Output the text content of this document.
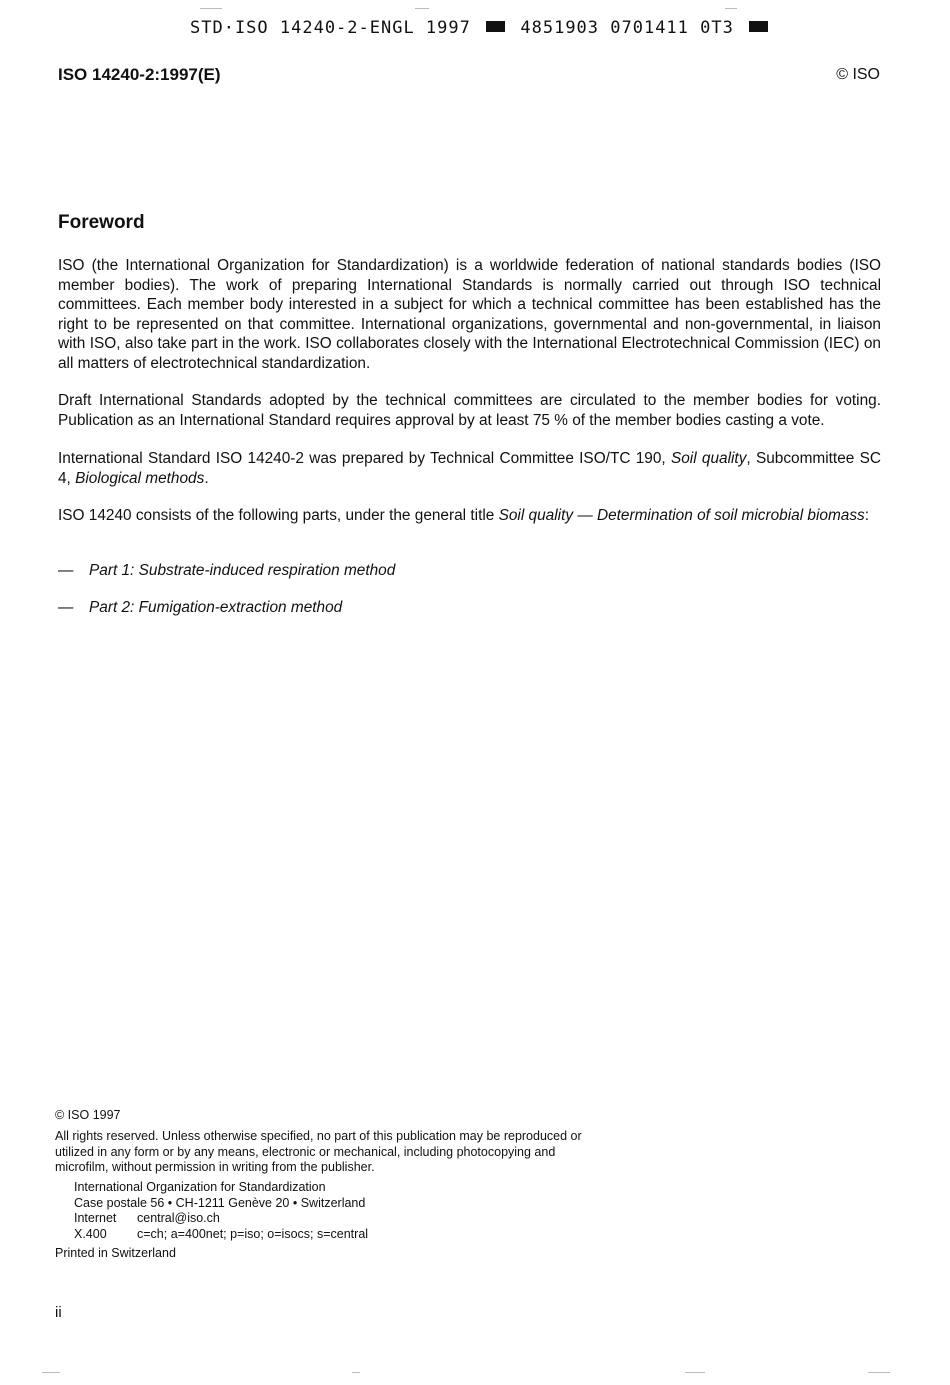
STD·ISO 14240-2-ENGL 1997	4851903 0701411 0T3
ISO 14240-2:1997(E)	© ISO
Foreword
ISO (the International Organization for Standardization) is a worldwide federation of national standards bodies (ISO member bodies). The work of preparing International Standards is normally carried out through ISO technical committees. Each member body interested in a subject for which a technical committee has been established has the right to be represented on that committee. International organizations, governmental and non-governmental, in liaison with ISO, also take part in the work. ISO collaborates closely with the International Electrotechnical Commission (IEC) on all matters of electrotechnical standardization.
Draft International Standards adopted by the technical committees are circulated to the member bodies for voting. Publication as an International Standard requires approval by at least 75 % of the member bodies casting a vote.
International Standard ISO 14240-2 was prepared by Technical Committee ISO/TC 190, Soil quality, Subcommittee SC 4, Biological methods.
ISO 14240 consists of the following parts, under the general title Soil quality — Determination of soil microbial biomass:
— Part 1: Substrate-induced respiration method
— Part 2: Fumigation-extraction method
© ISO 1997
All rights reserved. Unless otherwise specified, no part of this publication may be reproduced or utilized in any form or by any means, electronic or mechanical, including photocopying and microfilm, without permission in writing from the publisher.
International Organization for Standardization
Case postale 56 • CH-1211 Genève 20 • Switzerland
Internet central@iso.ch
X.400 c=ch; a=400net; p=iso; o=isocs; s=central
Printed in Switzerland
ii
